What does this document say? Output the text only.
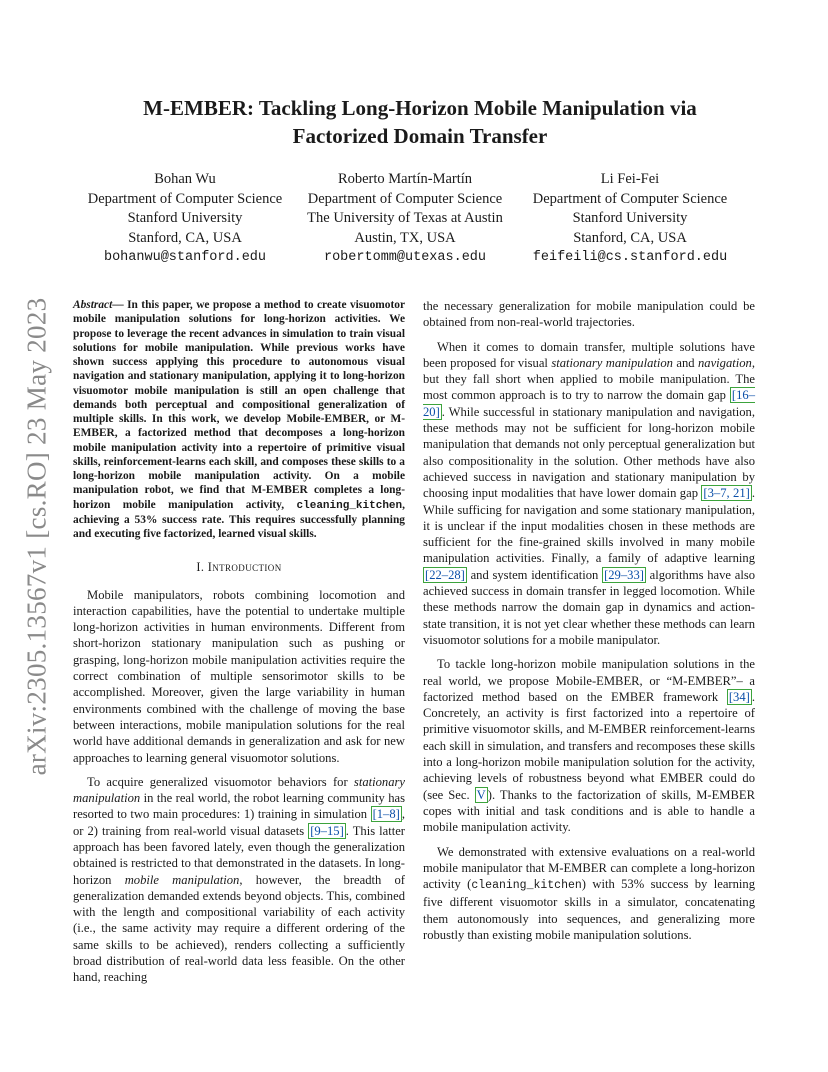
arXiv:2305.13567v1 [cs.RO] 23 May 2023
M-EMBER: Tackling Long-Horizon Mobile Manipulation via
Factorized Domain Transfer
Bohan Wu
Department of Computer Science
Stanford University
Stanford, CA, USA
bohanwu@stanford.edu
Roberto Martín-Martín
Department of Computer Science
The University of Texas at Austin
Austin, TX, USA
robertomm@utexas.edu
Li Fei-Fei
Department of Computer Science
Stanford University
Stanford, CA, USA
feifeili@cs.stanford.edu

Abstract— In this paper, we propose a method to create visuomotor mobile manipulation solutions for long-horizon activities. We propose to leverage the recent advances in simulation to train visual solutions for mobile manipulation. While previous works have shown success applying this procedure to autonomous visual navigation and stationary manipulation, applying it to long-horizon visuomotor mobile manipulation is still an open challenge that demands both perceptual and compositional generalization of multiple skills. In this work, we develop Mobile-EMBER, or M-EMBER, a factorized method that decomposes a long-horizon mobile manipulation activity into a repertoire of primitive visual skills, reinforcement-learns each skill, and composes these skills to a long-horizon mobile manipulation activity. On a mobile manipulation robot, we find that M-EMBER completes a long-horizon mobile manipulation activity, cleaning_kitchen, achieving a 53% success rate. This requires successfully planning and executing five factorized, learned visual skills.

I. Introduction

Mobile manipulators, robots combining locomotion and interaction capabilities, have the potential to undertake multiple long-horizon activities in human environments. Different from short-horizon stationary manipulation such as pushing or grasping, long-horizon mobile manipulation activities require the correct combination of multiple sensorimotor skills to be accomplished. Moreover, given the large variability in human environments combined with the challenge of moving the base between interactions, mobile manipulation solutions for the real world have additional demands in generalization and ask for new approaches to learning general visuomotor solutions.

To acquire generalized visuomotor behaviors for stationary manipulation in the real world, the robot learning community has resorted to two main procedures: 1) training in simulation [1–8] , or 2) training from real-world visual datasets [9–15] . This latter approach has been favored lately, even though the generalization obtained is restricted to that demonstrated in the datasets. In long-horizon mobile manipulation, however, the breadth of generalization demanded extends beyond objects. This, combined with the length and compositional variability of each activity (i.e., the same activity may require a different ordering of the same skills to be achieved), renders collecting a sufficiently broad distribution of real-world data less feasible. On the other hand, reaching

the necessary generalization for mobile manipulation could be obtained from non-real-world trajectories.

When it comes to domain transfer, multiple solutions have been proposed for visual stationary manipulation and navigation, but they fall short when applied to mobile manipulation. The most common approach is to try to narrow the domain gap [16–20] . While successful in stationary manipulation and navigation, these methods may not be sufficient for long-horizon mobile manipulation that demands not only perceptual generalization but also compositionality in the solution. Other methods have also achieved success in navigation and stationary manipulation by choosing input modalities that have lower domain gap [3–7, 21] . While sufficing for navigation and some stationary manipulation, it is unclear if the input modalities chosen in these methods are sufficient for the fine-grained skills involved in many mobile manipulation activities. Finally, a family of adaptive learning [22–28] and system identification [29–33] algorithms have also achieved success in domain transfer in legged locomotion. While these methods narrow the domain gap in dynamics and action-state transition, it is not yet clear whether these methods can learn visuomotor solutions for a mobile manipulator.

To tackle long-horizon mobile manipulation solutions in the real world, we propose Mobile-EMBER, or “M-EMBER”– a factorized method based on the EMBER framework [34] . Concretely, an activity is first factorized into a repertoire of primitive visuomotor skills, and M-EMBER reinforcement-learns each skill in simulation, and transfers and recomposes these skills into a long-horizon mobile manipulation solution for the activity, achieving levels of robustness beyond what EMBER could do (see Sec. V ). Thanks to the factorization of skills, M-EMBER copes with initial and task conditions and is able to handle a mobile manipulation activity.

We demonstrated with extensive evaluations on a real-world mobile manipulator that M-EMBER can complete a long-horizon activity (cleaning_kitchen) with 53% success by learning five different visuomotor skills in a simulator, concatenating them autonomously into sequences, and generalizing more robustly than existing mobile manipulation solutions.
